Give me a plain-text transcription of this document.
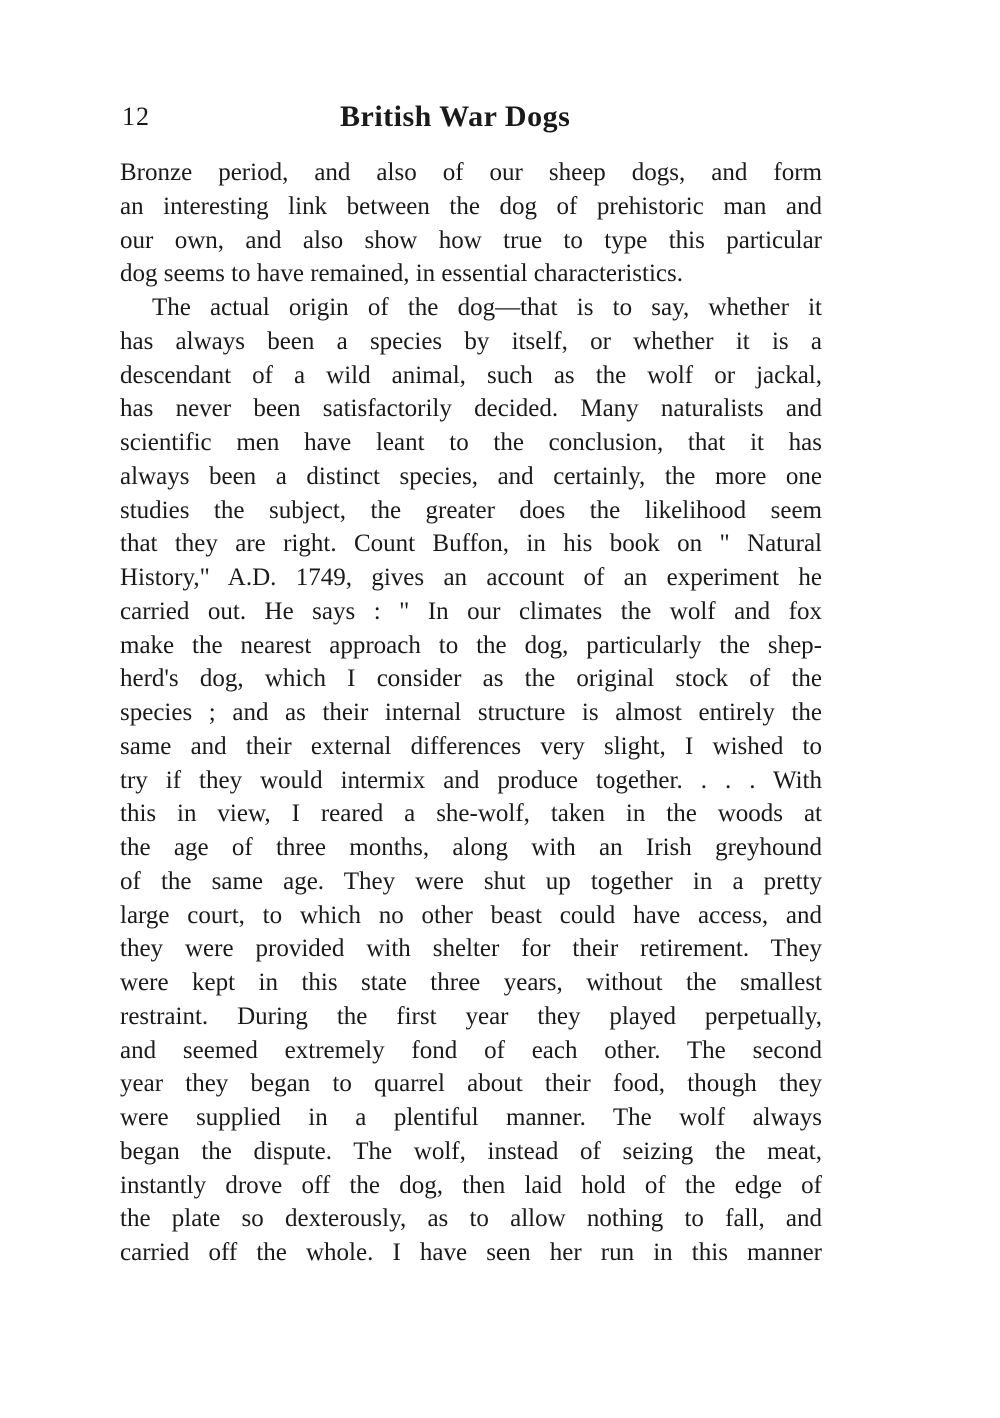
12	British War Dogs
Bronze period, and also of our sheep dogs, and form
an interesting link between the dog of prehistoric man and
our own, and also show how true to type this particular
dog seems to have remained, in essential characteristics.
The actual origin of the dog—that is to say, whether it
has always been a species by itself, or whether it is a
descendant of a wild animal, such as the wolf or jackal,
has never been satisfactorily decided. Many naturalists and
scientific men have leant to the conclusion, that it has
always been a distinct species, and certainly, the more one
studies the subject, the greater does the likelihood seem
that they are right. Count Buffon, in his book on " Natural
History," A.D. 1749, gives an account of an experiment he
carried out. He says : " In our climates the wolf and fox
make the nearest approach to the dog, particularly the shep-
herd's dog, which I consider as the original stock of the
species ; and as their internal structure is almost entirely the
same and their external differences very slight, I wished to
try if they would intermix and produce together. . . . With
this in view, I reared a she-wolf, taken in the woods at
the age of three months, along with an Irish greyhound
of the same age. They were shut up together in a pretty
large court, to which no other beast could have access, and
they were provided with shelter for their retirement. They
were kept in this state three years, without the smallest
restraint. During the first year they played perpetually,
and seemed extremely fond of each other. The second
year they began to quarrel about their food, though they
were supplied in a plentiful manner. The wolf always
began the dispute. The wolf, instead of seizing the meat,
instantly drove off the dog, then laid hold of the edge of
the plate so dexterously, as to allow nothing to fall, and
carried off the whole. I have seen her run in this manner
